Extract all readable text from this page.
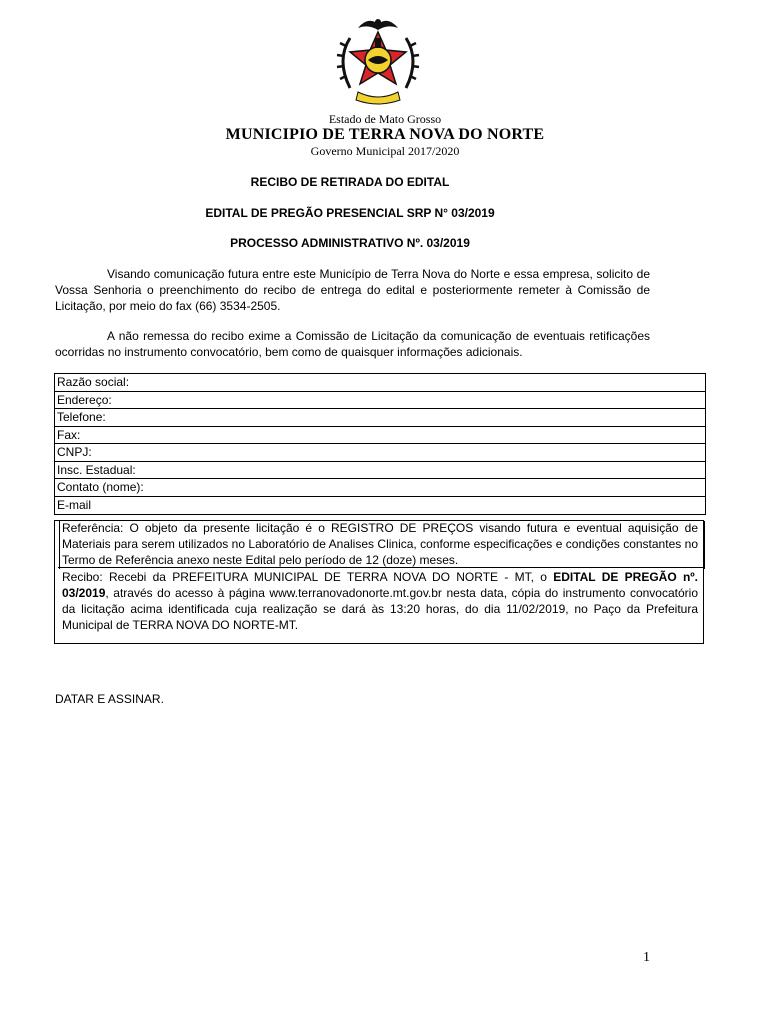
Estado de Mato Grosso
MUNICIPIO DE TERRA NOVA DO NORTE
Governo Municipal 2017/2020
RECIBO DE RETIRADA DO EDITAL
EDITAL DE PREGÃO PRESENCIAL SRP N° 03/2019
PROCESSO ADMINISTRATIVO Nº. 03/2019
Visando comunicação futura entre este Município de Terra Nova do Norte e essa empresa, solicito de Vossa Senhoria o preenchimento do recibo de entrega do edital e posteriormente remeter à Comissão de Licitação, por meio do fax (66) 3534-2505.
A não remessa do recibo exime a Comissão de Licitação da comunicação de eventuais retificações ocorridas no instrumento convocatório, bem como de quaisquer informações adicionais.
Razão social:
Endereço:
Telefone:
Fax:
CNPJ:
Insc. Estadual:
Contato (nome):
E-mail
Referência: O objeto da presente licitação é o REGISTRO DE PREÇOS visando futura e eventual aquisição de Materiais para serem utilizados no Laboratório de Analises Clinica, conforme especificações e condições constantes no Termo de Referência anexo neste Edital pelo período de 12 (doze) meses.
Recibo: Recebi da PREFEITURA MUNICIPAL DE TERRA NOVA DO NORTE - MT, o EDITAL DE PREGÃO nº. 03/2019, através do acesso à página www.terranovadonorte.mt.gov.br nesta data, cópia do instrumento convocatório da licitação acima identificada cuja realização se dará às 13:20 horas, do dia 11/02/2019, no Paço da Prefeitura Municipal de TERRA NOVA DO NORTE-MT.
DATAR E ASSINAR.
1
